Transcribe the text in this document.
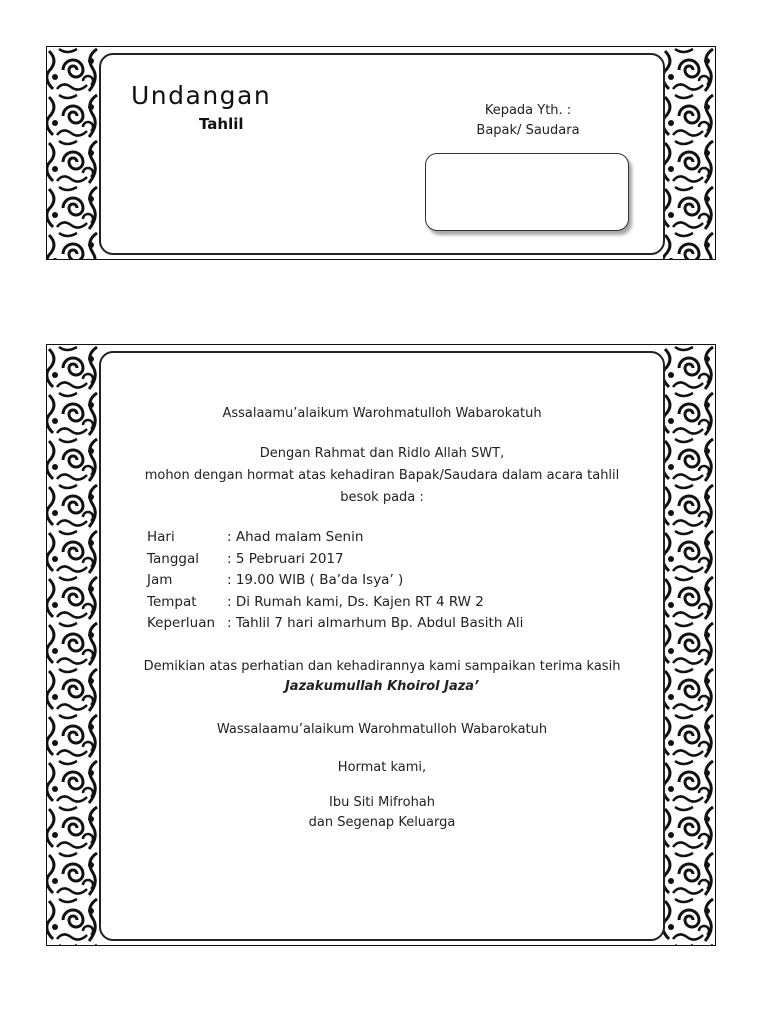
Undangan
Tahlil
Kepada Yth. :
Bapak/ Saudara
Assalaamu’alaikum Warohmatulloh Wabarokatuh
Dengan Rahmat dan Ridlo Allah SWT,
mohon dengan hormat atas kehadiran Bapak/Saudara dalam acara tahlil
besok pada :
Hari	: Ahad malam Senin
Tanggal : 5 Pebruari 2017
Jam	: 19.00 WIB ( Ba’da Isya’ )
Tempat : Di Rumah kami, Ds. Kajen RT 4 RW 2
Keperluan : Tahlil 7 hari almarhum Bp. Abdul Basith Ali
Demikian atas perhatian dan kehadirannya kami sampaikan terima kasih
Jazakumullah Khoirol Jaza’
Wassalaamu’alaikum Warohmatulloh Wabarokatuh
Hormat kami,
Ibu Siti Mifrohah
dan Segenap Keluarga
